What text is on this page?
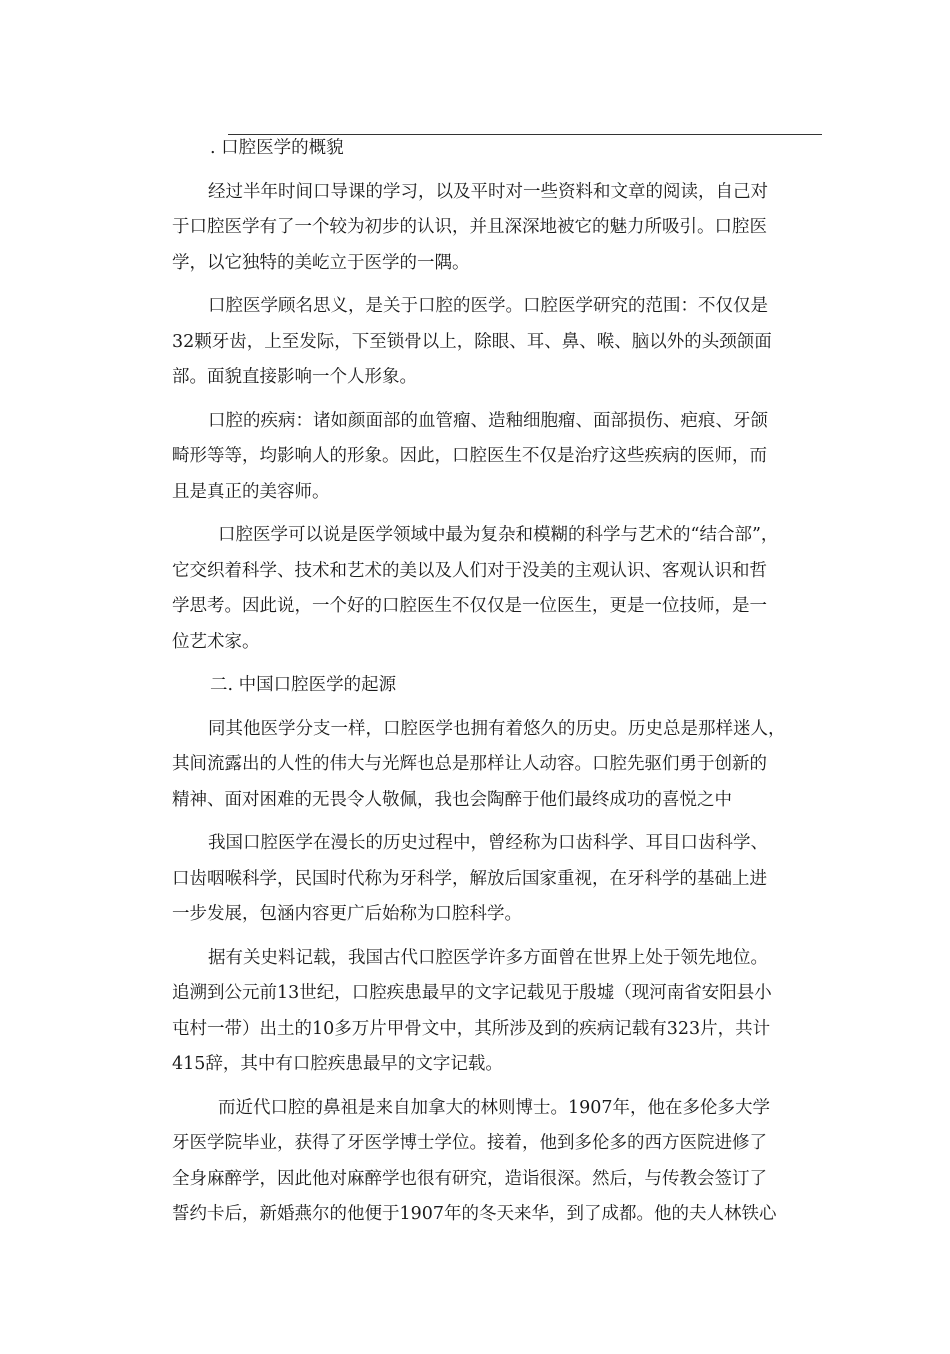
. 口腔医学的概貌
经过半年时间口导课的学习，以及平时对一些资料和文章的阅读，自己对
于口腔医学有了一个较为初步的认识，并且深深地被它的魅力所吸引。口腔医
学，以它独特的美屹立于医学的一隅。
口腔医学顾名思义，是关于口腔的医学。口腔医学研究的范围：不仅仅是
32颗牙齿，上至发际，下至锁骨以上，除眼、耳、鼻、喉、脑以外的头颈颌面
部。面貌直接影响一个人形象。
口腔的疾病：诸如颜面部的血管瘤、造釉细胞瘤、面部损伤、疤痕、牙颌
畸形等等，均影响人的形象。因此，口腔医生不仅是治疗这些疾病的医师，而
且是真正的美容师。
口腔医学可以说是医学领域中最为复杂和模糊的科学与艺术的“结合部”，
它交织着科学、技术和艺术的美以及人们对于没美的主观认识、客观认识和哲
学思考。因此说，一个好的口腔医生不仅仅是一位医生，更是一位技师，是一
位艺术家。
二. 中国口腔医学的起源
同其他医学分支一样，口腔医学也拥有着悠久的历史。历史总是那样迷人，
其间流露出的人性的伟大与光辉也总是那样让人动容。口腔先驱们勇于创新的
精神、面对困难的无畏令人敬佩，我也会陶醉于他们最终成功的喜悦之中
我国口腔医学在漫长的历史过程中，曾经称为口齿科学、耳目口齿科学、
口齿咽喉科学，民国时代称为牙科学，解放后国家重视，在牙科学的基础上进
一步发展，包涵内容更广后始称为口腔科学。
据有关史料记载，我国古代口腔医学许多方面曾在世界上处于领先地位。
追溯到公元前13世纪，口腔疾患最早的文字记载见于殷墟（现河南省安阳县小
屯村一带）出土的10多万片甲骨文中，其所涉及到的疾病记载有323片，共计
415辞，其中有口腔疾患最早的文字记载。
而近代口腔的鼻祖是来自加拿大的林则博士。1907年，他在多伦多大学
牙医学院毕业，获得了牙医学博士学位。接着，他到多伦多的西方医院进修了
全身麻醉学，因此他对麻醉学也很有研究，造诣很深。然后，与传教会签订了
誓约卡后，新婚燕尔的他便于1907年的冬天来华，到了成都。他的夫人林铁心
